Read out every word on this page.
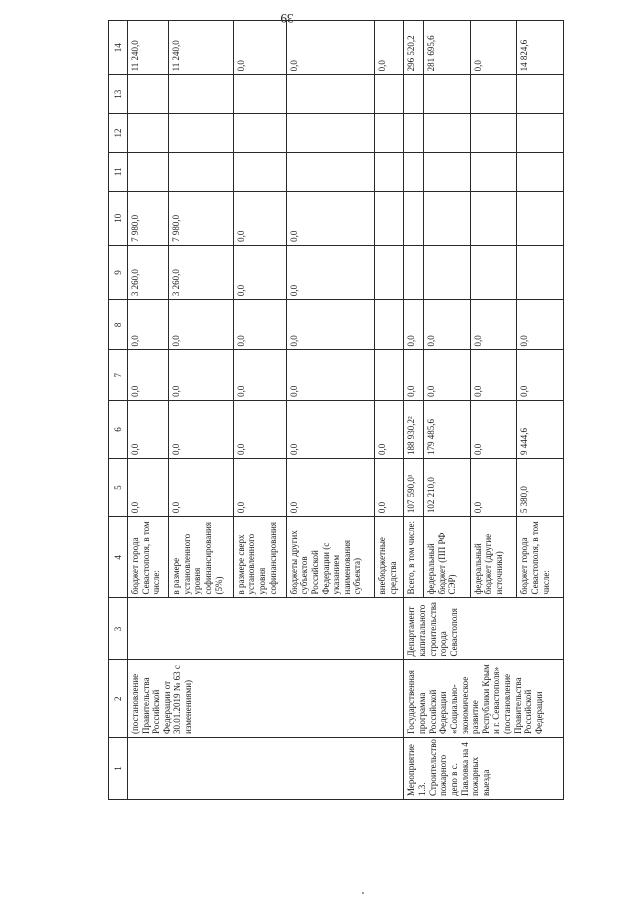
39
1	2	3	4	5	6	7	8	9	10	11	12	13	14
	(постановление Правительства Российской Федерации от 30.01.2019 № 63 с изменениями)		бюджет города Севастополя, в том числе:	0,0	0,0	0,0	0,0	3 260,0	7 980,0				11 240,0
			в размере установленного уровня софинансирования (5%)	0,0	0,0	0,0	0,0	3 260,0	7 980,0				11 240,0
			в размере сверх установленного уровня софинансирования	0,0	0,0	0,0	0,0	0,0	0,0				0,0
			бюджеты других субъектов Российской Федерации (с указанием наименования субъекта)	0,0	0,0	0,0	0,0	0,0	0,0				0,0
			внебюджетные средства	0,0	0,0								0,0
Мероприятие 1.3. Строительство пожарного депо в с. Павловка на 4 пожарных выезда	Государственная программа Российской Федерации «Социально-экономическое развитие Республики Крым и г. Севастополя» (постановление Правительства Российской Федерации	Департамент капитального строительства города Севастополя	Всего, в том числе:	107 590,0¹	188 930,2²	0,0	0,0						296 520,2
			федеральный бюджет (ПП РФ СЭР)	102 210,0	179 485,6	0,0	0,0						281 695,6
			федеральный бюджет (другие источники)	0,0	0,0	0,0	0,0						0,0
			бюджет города Севастополя, в том числе:	5 380,0	9 444,6	0,0	0,0						14 824,6
